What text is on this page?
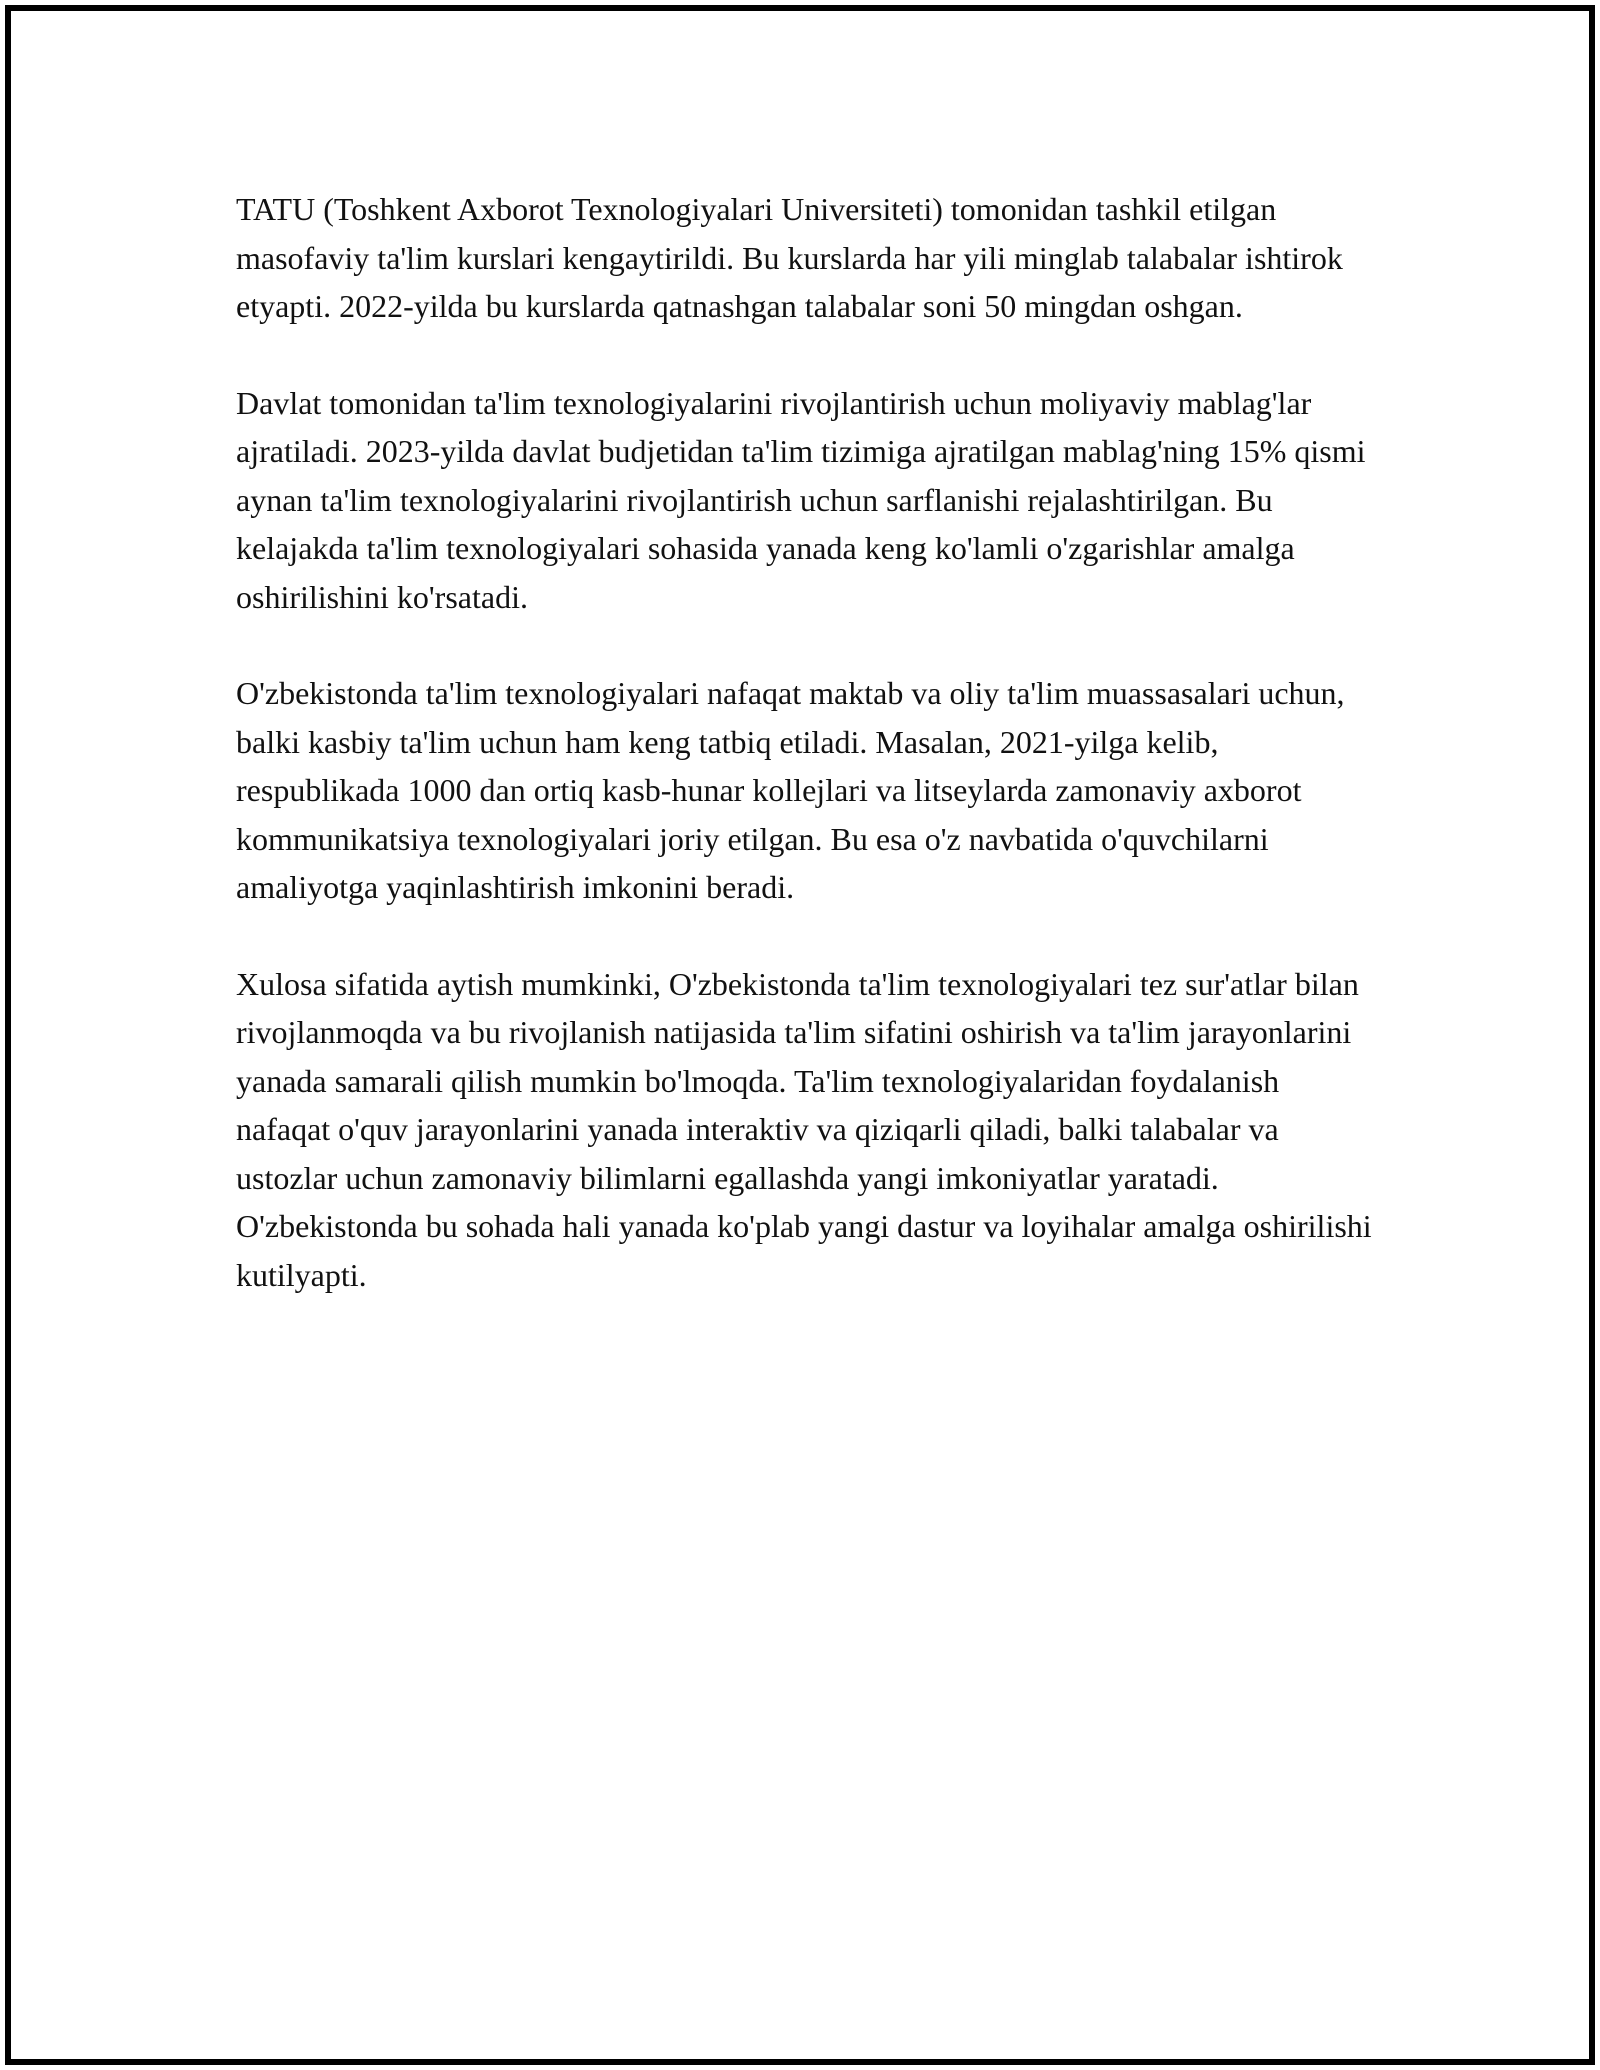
TATU (Toshkent Axborot Texnologiyalari Universiteti) tomonidan tashkil etilgan masofaviy ta'lim kurslari kengaytirildi. Bu kurslarda har yili minglab talabalar ishtirok etyapti. 2022-yilda bu kurslarda qatnashgan talabalar soni 50 mingdan oshgan.

Davlat tomonidan ta'lim texnologiyalarini rivojlantirish uchun moliyaviy mablag'lar ajratiladi. 2023-yilda davlat budjetidan ta'lim tizimiga ajratilgan mablag'ning 15% qismi aynan ta'lim texnologiyalarini rivojlantirish uchun sarflanishi rejalashtirilgan. Bu kelajakda ta'lim texnologiyalari sohasida yanada keng ko'lamli o'zgarishlar amalga oshirilishini ko'rsatadi.

O'zbekistonda ta'lim texnologiyalari nafaqat maktab va oliy ta'lim muassasalari uchun, balki kasbiy ta'lim uchun ham keng tatbiq etiladi. Masalan, 2021-yilga kelib, respublikada 1000 dan ortiq kasb-hunar kollejlari va litseylarda zamonaviy axborot kommunikatsiya texnologiyalari joriy etilgan. Bu esa o'z navbatida o'quvchilarni amaliyotga yaqinlashtirish imkonini beradi.

Xulosa sifatida aytish mumkinki, O'zbekistonda ta'lim texnologiyalari tez sur'atlar bilan rivojlanmoqda va bu rivojlanish natijasida ta'lim sifatini oshirish va ta'lim jarayonlarini yanada samarali qilish mumkin bo'lmoqda. Ta'lim texnologiyalaridan foydalanish nafaqat o'quv jarayonlarini yanada interaktiv va qiziqarli qiladi, balki talabalar va ustozlar uchun zamonaviy bilimlarni egallashda yangi imkoniyatlar yaratadi. O'zbekistonda bu sohada hali yanada ko'plab yangi dastur va loyihalar amalga oshirilishi kutilyapti.
